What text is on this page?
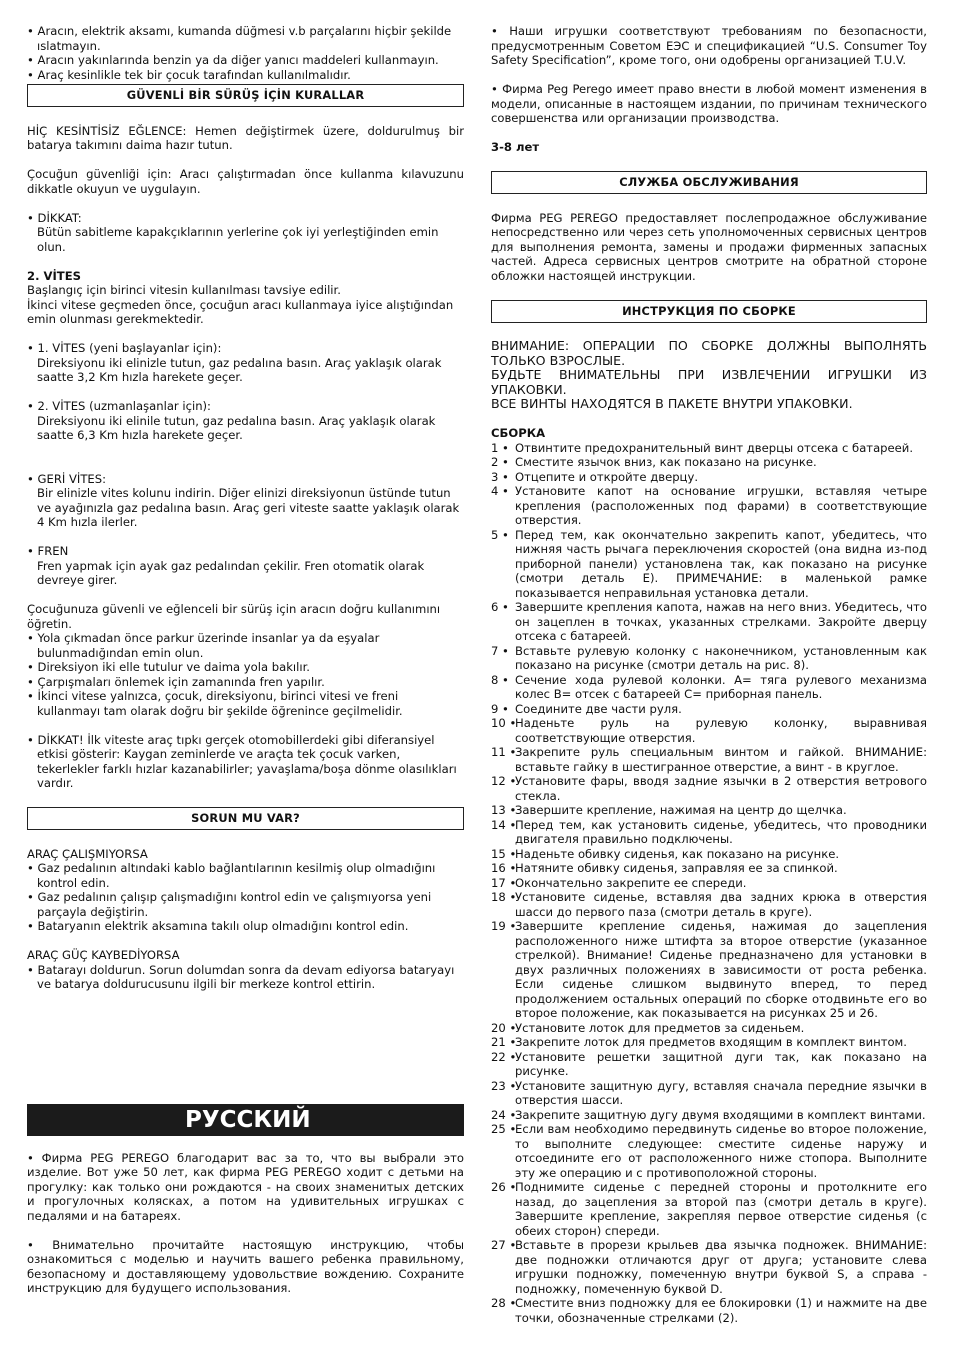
• Aracın, elektrik aksamı, kumanda düğmesi v.b parçalarını hiçbir şekilde ıslatmayın.

• Aracın yakınlarında benzin ya da diğer yanıcı maddeleri kullanmayın.

• Araç kesinlikle tek bir çocuk tarafından kullanılmalıdır.

GÜVENLİ BİR SÜRÜŞ İÇİN KURALLAR

HİÇ KESİNTİSİZ EĞLENCE: Hemen değiştirmek üzere, doldurulmuş bir batarya takımını daima hazır tutun.

Çocuğun güvenliği için: Aracı çalıştırmadan önce kullanma kılavuzunu dikkatle okuyun ve uygulayın.

• DİKKAT:

Bütün sabitleme kapakçıklarının yerlerine çok iyi yerleştiğinden emin olun.

2. VİTES

Başlangıç için birinci vitesin kullanılması tavsiye edilir.

İkinci vitese geçmeden önce, çocuğun aracı kullanmaya iyice alıştığından emin olunması gerekmektedir.

• 1. VİTES (yeni başlayanlar için):

Direksiyonu iki elinizle tutun, gaz pedalına basın. Araç yaklaşık olarak saatte 3,2 Km hızla harekete geçer.

• 2. VİTES (uzmanlaşanlar için):

Direksiyonu iki elinile tutun, gaz pedalına basın. Araç yaklaşık olarak saatte 6,3 Km hızla harekete geçer.

• GERİ VİTES:

Bir elinizle vites kolunu indirin. Diğer elinizi direksiyonun üstünde tutun ve ayağınızla gaz pedalına basın. Araç geri viteste saatte yaklaşık olarak 4 Km hızla ilerler.

• FREN

Fren yapmak için ayak gaz pedalından çekilir. Fren otomatik olarak devreye girer.

Çocuğunuza güvenli ve eğlenceli bir sürüş için aracın doğru kullanımını öğretin.

• Yola çıkmadan önce parkur üzerinde insanlar ya da eşyalar bulunmadığından emin olun.

• Direksiyon iki elle tutulur ve daima yola bakılır.

• Çarpışmaları önlemek için zamanında fren yapılır.

• İkinci vitese yalnızca, çocuk, direksiyonu, birinci vitesi ve freni kullanmayı tam olarak doğru bir şekilde öğrenince geçilmelidir.

• DİKKAT! İlk viteste araç tıpkı gerçek otomobillerdeki gibi diferansiyel etkisi gösterir: Kaygan zeminlerde ve araçta tek çocuk varken, tekerlekler farklı hızlar kazanabilirler; yavaşlama/boşa dönme olasılıkları vardır.

SORUN MU VAR?

ARAÇ ÇALIŞMIYORSA

• Gaz pedalının altındaki kablo bağlantılarının kesilmiş olup olmadığını kontrol edin.

• Gaz pedalının çalışıp çalışmadığını kontrol edin ve çalışmıyorsa yeni parçayla değiştirin.

• Bataryanın elektrik aksamına takılı olup olmadığını kontrol edin.

ARAÇ GÜÇ KAYBEDİYORSA

• Batarayı doldurun. Sorun dolumdan sonra da devam ediyorsa bataryayı ve batarya doldurucusunu ilgili bir merkeze kontrol ettirin.

РУССКИЙ

• Фирма PEG PEREGO благодарит вас за то, что вы выбрали это изделие. Вот уже 50 лет, как фирма PEG PEREGO ходит с детьми на прогулку: как только они рождаются - на своих знаменитых детских и прогулочных колясках, а потом на удивительных игрушках с педалями и на батареях.

• Внимательно прочитайте настоящую инструкцию, чтобы ознакомиться с моделью и научить вашего ребенка правильному, безопасному и доставляющему удовольствие вождению. Сохраните инструкцию для будущего использования.

• Наши игрушки соответствуют требованиям по безопасности, предусмотренным Советом ЕЭС и спецификацией “U.S. Consumer Toy Safety Specification”, кроме того, они одобрены организацией T.U.V.

• Фирма Peg Perego имеет право внести в любой момент изменения в модели, описанные в настоящем издании, по причинам технического совершенства или организации производства.

3-8 лет

СЛУЖБА ОБСЛУЖИВАНИЯ

Фирма PEG PEREGO предоставляет послепродажное обслуживание непосредственно или через сеть уполномоченных сервисных центров для выполнения ремонта, замены и продажи фирменных запасных частей. Адреса сервисных центров смотрите на обратной стороне обложки настоящей инструкции.

ИНСТРУКЦИЯ ПО СБОРКЕ

ВНИМАНИЕ: ОПЕРАЦИИ ПО СБОРКЕ ДОЛЖНЫ ВЫПОЛНЯТЬ ТОЛЬКО ВЗРОСЛЫЕ.

БУДЬТЕ ВНИМАТЕЛЬНЫ ПРИ ИЗВЛЕЧЕНИИ ИГРУШКИ ИЗ УПАКОВКИ.

ВСЕ ВИНТЫ НАХОДЯТСЯ В ПАКЕТЕ ВНУТРИ УПАКОВКИ.

СБОРКА

1 • Отвинтите предохранительный винт дверцы отсека с батареей.
2 • Сместите язычок вниз, как показано на рисунке.
3 • Отцепите и откройте дверцу.
4 • Установите капот на основание игрушки, вставляя четыре крепления (расположенных под фарами) в соответствующие отверстия.
5 • Перед тем, как окончательно закрепить капот, убедитесь, что нижняя часть рычага переключения скоростей (она видна из-под приборной панели) установлена так, как показано на рисунке (смотри деталь E). ПРИМЕЧАНИЕ: в маленькой рамке показывается неправильная установка детали.
6 • Завершите крепления капота, нажав на него вниз. Убедитесь, что он зацеплен в точках, указанных стрелками. Закройте дверцу отсека с батареей.
7 • Вставьте рулевую колонку с наконечником, установленным как показано на рисунке (смотри деталь на рис. 8).
8 • Сечение хода рулевой колонки. A= тяга рулевого механизма колес B= отсек с батареей C= приборная панель.
9 • Соедините две части руля.
10 •
Наденьте руль на рулевую колонку, выравнивая соответствующие отверстия.
11 •
Закрепите руль специальным винтом и гайкой. ВНИМАНИЕ: вставьте гайку в шестигранное отверстие, а винт - в круглое.
12 •
Установите фары, вводя задние язычки в 2 отверстия ветрового стекла.
13 •
Завершите крепление, нажимая на центр до щелчка.
14 •
Перед тем, как установить сиденье, убедитесь, что проводники двигателя правильно подключены.
15 •
Наденьте обивку сиденья, как показано на рисунке.
16 •
Натяните обивку сиденья, заправляя ее за спинкой.
17 •
Окончательно закрепите ее спереди.
18 •
Установите сиденье, вставляя два задних крюка в отверстия шасси до первого паза (смотри деталь в круге).
19 •
Завершите крепление сиденья, нажимая до зацепления расположенного ниже штифта за второе отверстие (указанное стрелкой). Внимание! Сиденье предназначено для установки в двух различных положениях в зависимости от роста ребенка. Если сиденье слишком выдвинуто вперед, то перед продолжением остальных операций по сборке отодвиньте его во второе положение, как показывается на рисунках 25 и 26.
20 •
Установите лоток для предметов за сиденьем.
21 •
Закрепите лоток для предметов входящим в комплект винтом.
22 •
Установите решетки защитной дуги так, как показано на рисунке.
23 •
Установите защитную дугу, вставляя сначала передние язычки в отверстия шасси.
24 •
Закрепите защитную дугу двумя входящими в комплект винтами.
25 •
Если вам необходимо передвинуть сиденье во второе положение, то выполните следующее: сместите сиденье наружу и отсоедините его от расположенного ниже стопора. Выполните эту же операцию и с противоположной стороны.
26 •
Поднимите сиденье с передней стороны и протолкните его назад, до зацепления за второй паз (смотри деталь в круге). Завершите крепление, закрепляя первое отверстие сиденья (с обеих сторон) спереди.
27 •
Вставьте в прорези крыльев два язычка подножек. ВНИМАНИЕ: две подножки отличаются друг от друга; установите слева игрушки подножку, помеченную внутри буквой S, а справа - подножку, помеченную буквой D.
28 •
Сместите вниз подножку для ее блокировки (1) и нажмите на две точки, обозначенные стрелками (2).
